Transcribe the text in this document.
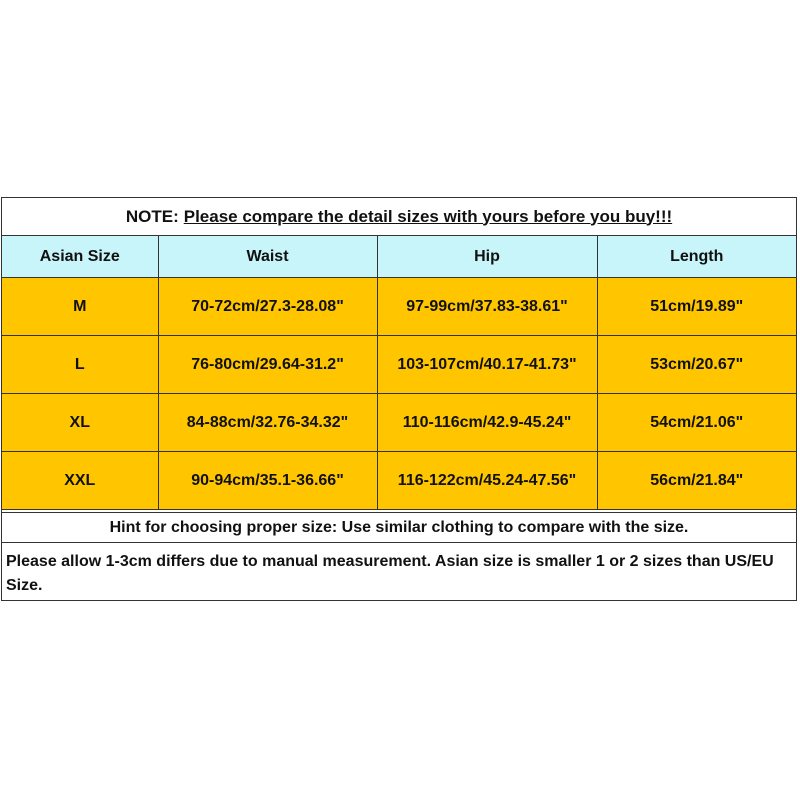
NOTE: Please compare the detail sizes with yours before you buy!!!
Asian Size	Waist	Hip	Length
M	70-72cm/27.3-28.08"	97-99cm/37.83-38.61"	51cm/19.89"
L	76-80cm/29.64-31.2"	103-107cm/40.17-41.73"	53cm/20.67"
XL	84-88cm/32.76-34.32"	110-116cm/42.9-45.24"	54cm/21.06"
XXL	90-94cm/35.1-36.66"	116-122cm/45.24-47.56"	56cm/21.84"
Hint for choosing proper size: Use similar clothing to compare with the size.
Please allow 1-3cm differs due to manual measurement. Asian size is smaller 1 or 2 sizes than US/EU Size.
